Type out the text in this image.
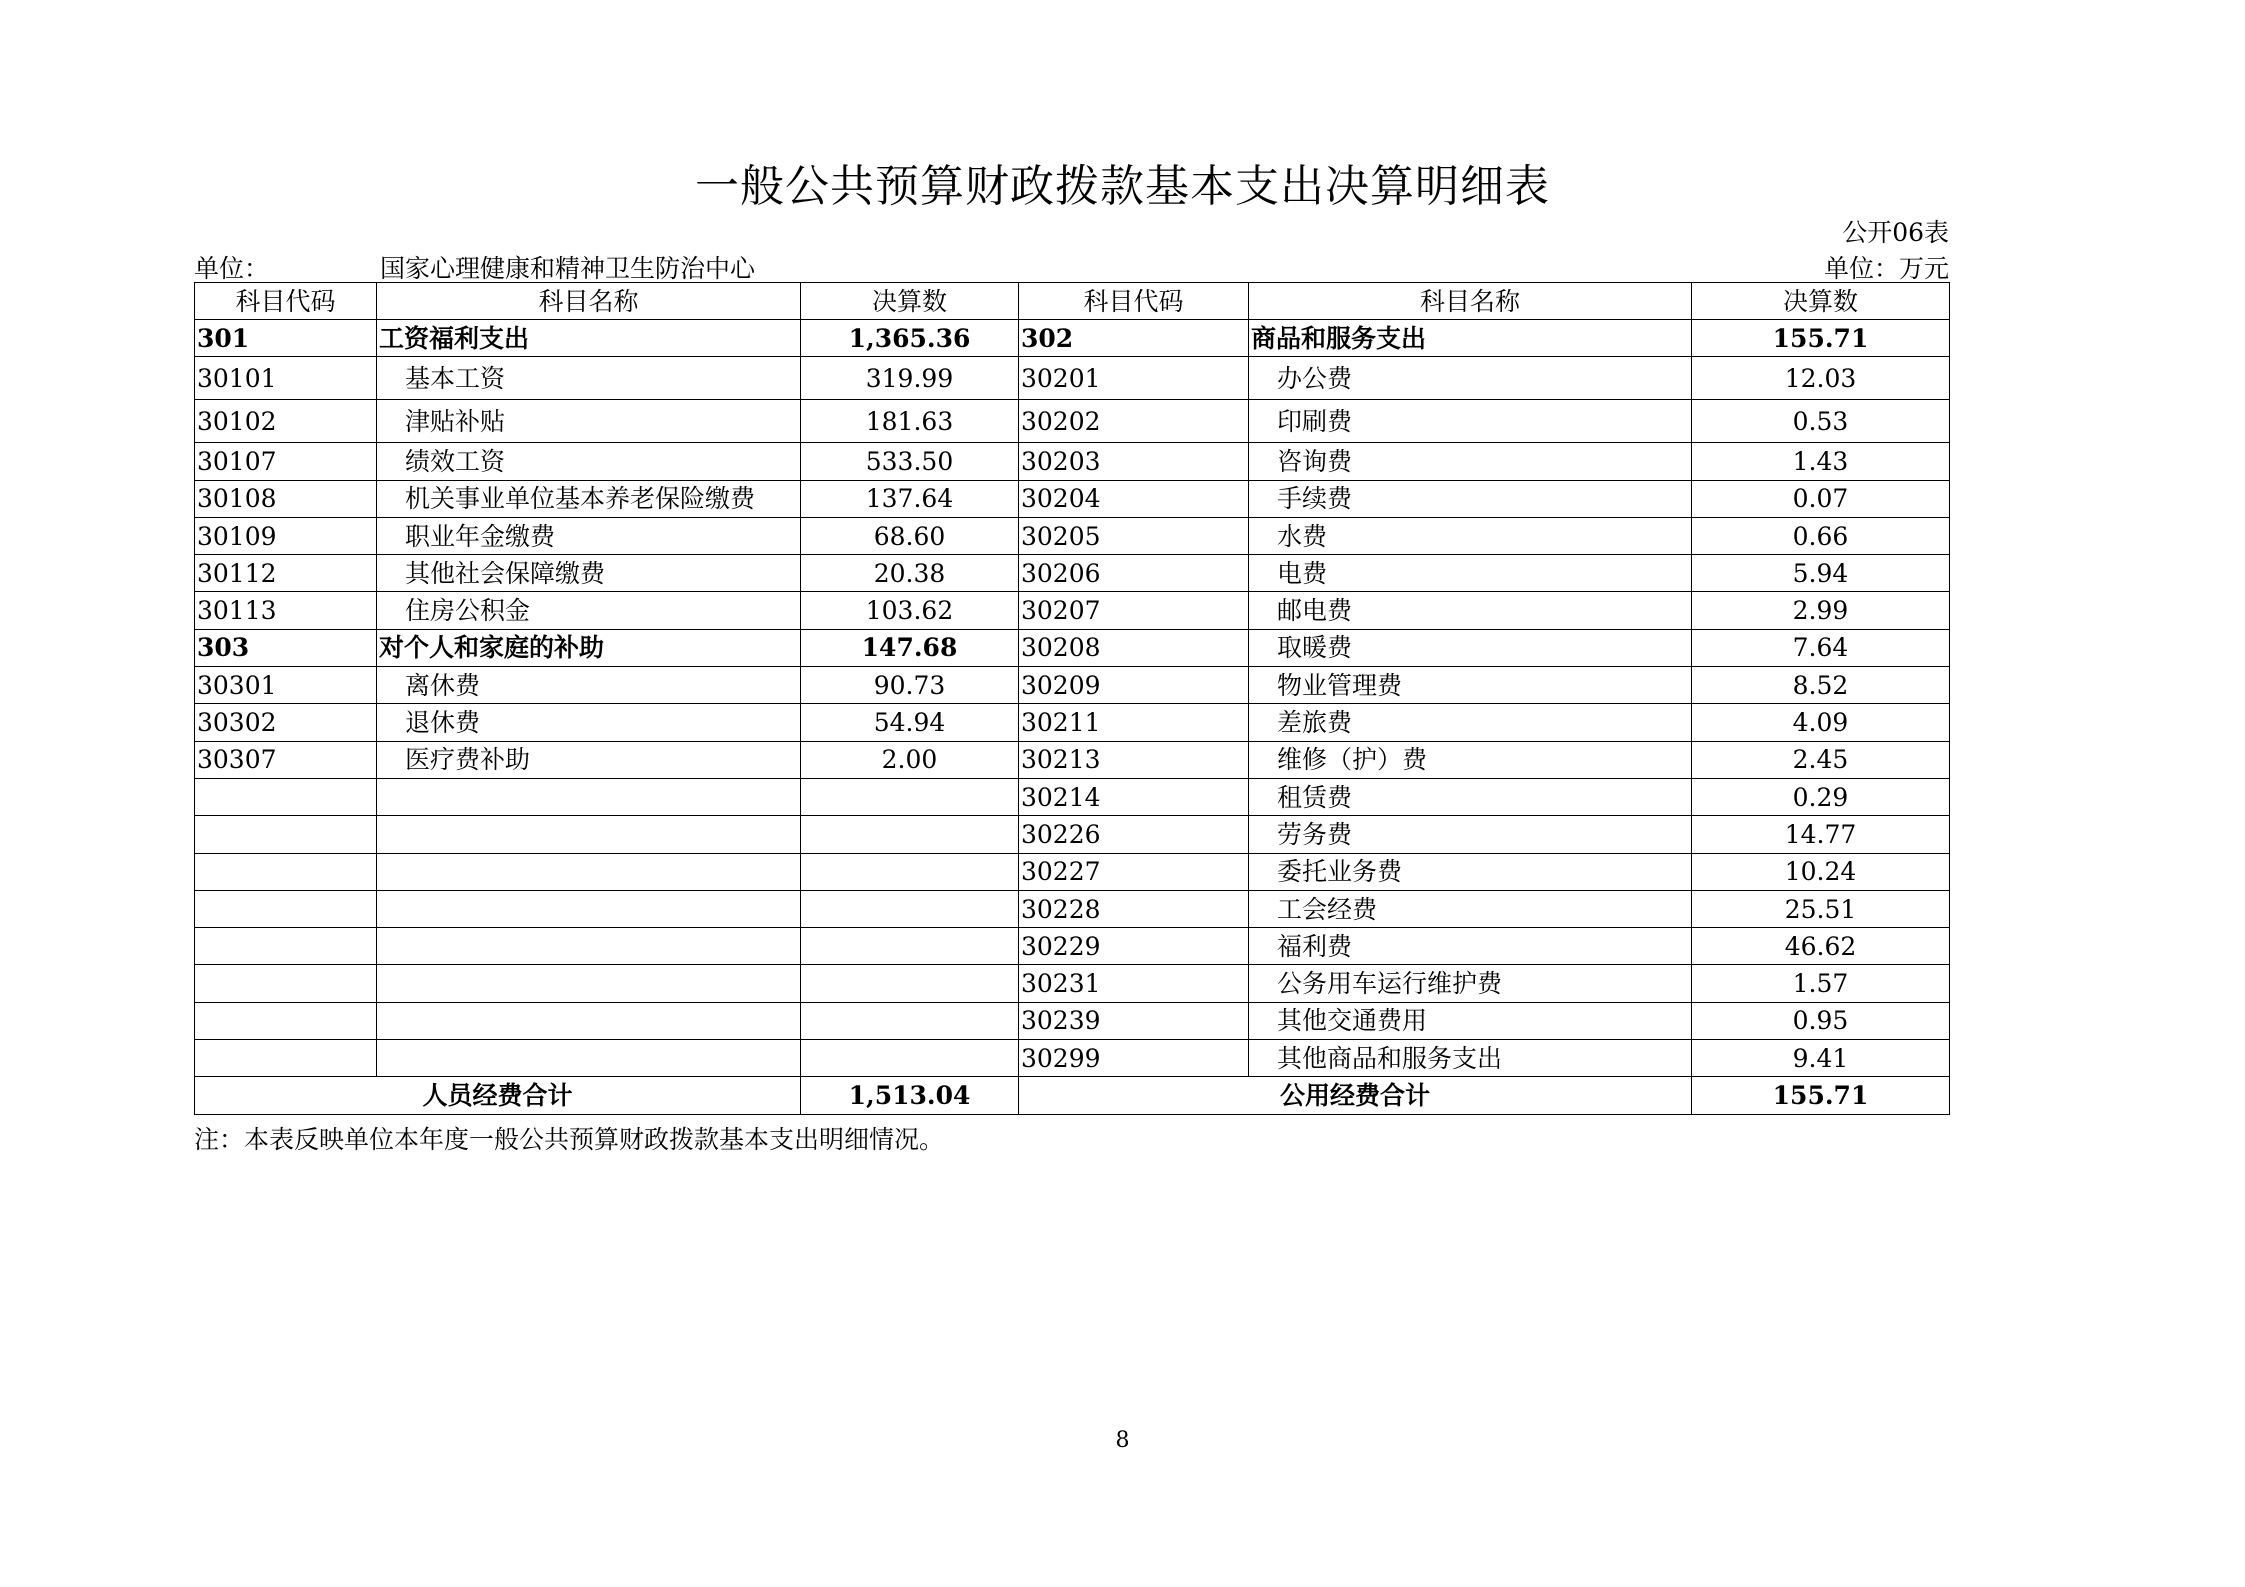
一般公共预算财政拨款基本支出决算明细表
公开06表
单位：	国家心理健康和精神卫生防治中心	单位：万元
科目代码	科目名称	决算数	科目代码	科目名称	决算数
301	工资福利支出	1,365.36	302	商品和服务支出	155.71
30101	基本工资	319.99	30201	办公费	12.03
30102	津贴补贴	181.63	30202	印刷费	0.53
30107	绩效工资	533.50	30203	咨询费	1.43
30108	机关事业单位基本养老保险缴费	137.64	30204	手续费	0.07
30109	职业年金缴费	68.60	30205	水费	0.66
30112	其他社会保障缴费	20.38	30206	电费	5.94
30113	住房公积金	103.62	30207	邮电费	2.99
303	对个人和家庭的补助	147.68	30208	取暖费	7.64
30301	离休费	90.73	30209	物业管理费	8.52
30302	退休费	54.94	30211	差旅费	4.09
30307	医疗费补助	2.00	30213	维修（护）费	2.45
			30214	租赁费	0.29
			30226	劳务费	14.77
			30227	委托业务费	10.24
			30228	工会经费	25.51
			30229	福利费	46.62
			30231	公务用车运行维护费	1.57
			30239	其他交通费用	0.95
			30299	其他商品和服务支出	9.41
人员经费合计		1,513.04	公用经费合计		155.71
注：本表反映单位本年度一般公共预算财政拨款基本支出明细情况。
8
